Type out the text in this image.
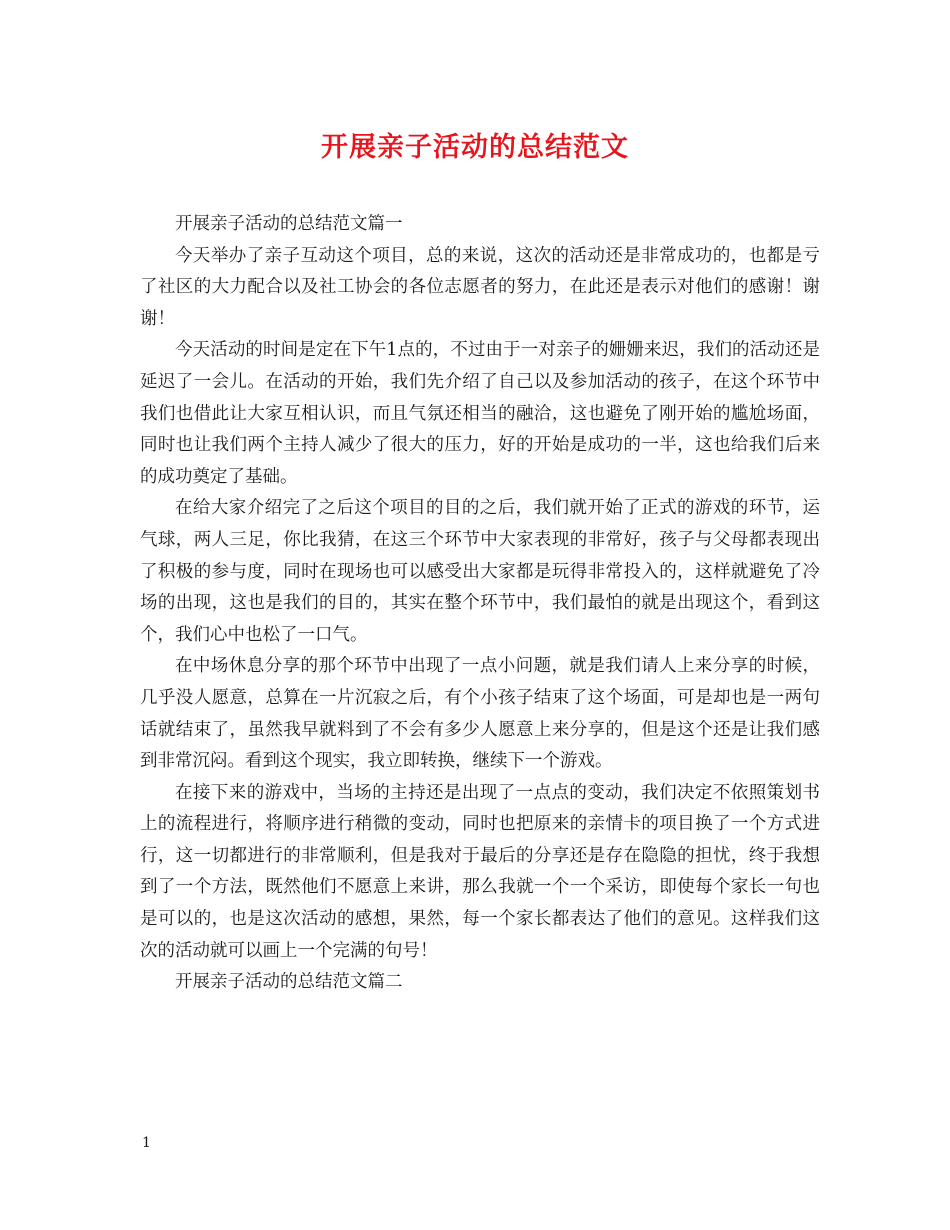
开展亲子活动的总结范文

开展亲子活动的总结范文篇一

今天举办了亲子互动这个项目，总的来说，这次的活动还是非常成功的，也都是亏了社区的大力配合以及社工协会的各位志愿者的努力，在此还是表示对他们的感谢！谢谢！

今天活动的时间是定在下午1点的，不过由于一对亲子的姗姗来迟，我们的活动还是延迟了一会儿。在活动的开始，我们先介绍了自己以及参加活动的孩子，在这个环节中我们也借此让大家互相认识，而且气氛还相当的融洽，这也避免了刚开始的尴尬场面，同时也让我们两个主持人减少了很大的压力，好的开始是成功的一半，这也给我们后来的成功奠定了基础。

在给大家介绍完了之后这个项目的目的之后，我们就开始了正式的游戏的环节，运气球，两人三足，你比我猜，在这三个环节中大家表现的非常好，孩子与父母都表现出了积极的参与度，同时在现场也可以感受出大家都是玩得非常投入的，这样就避免了冷场的出现，这也是我们的目的，其实在整个环节中，我们最怕的就是出现这个，看到这个，我们心中也松了一口气。

在中场休息分享的那个环节中出现了一点小问题，就是我们请人上来分享的时候，几乎没人愿意，总算在一片沉寂之后，有个小孩子结束了这个场面，可是却也是一两句话就结束了，虽然我早就料到了不会有多少人愿意上来分享的，但是这个还是让我们感到非常沉闷。看到这个现实，我立即转换，继续下一个游戏。

在接下来的游戏中，当场的主持还是出现了一点点的变动，我们决定不依照策划书上的流程进行，将顺序进行稍微的变动，同时也把原来的亲情卡的项目换了一个方式进行，这一切都进行的非常顺利，但是我对于最后的分享还是存在隐隐的担忧，终于我想到了一个方法，既然他们不愿意上来讲，那么我就一个一个采访，即使每个家长一句也是可以的，也是这次活动的感想，果然，每一个家长都表达了他们的意见。这样我们这次的活动就可以画上一个完满的句号！

开展亲子活动的总结范文篇二

1
